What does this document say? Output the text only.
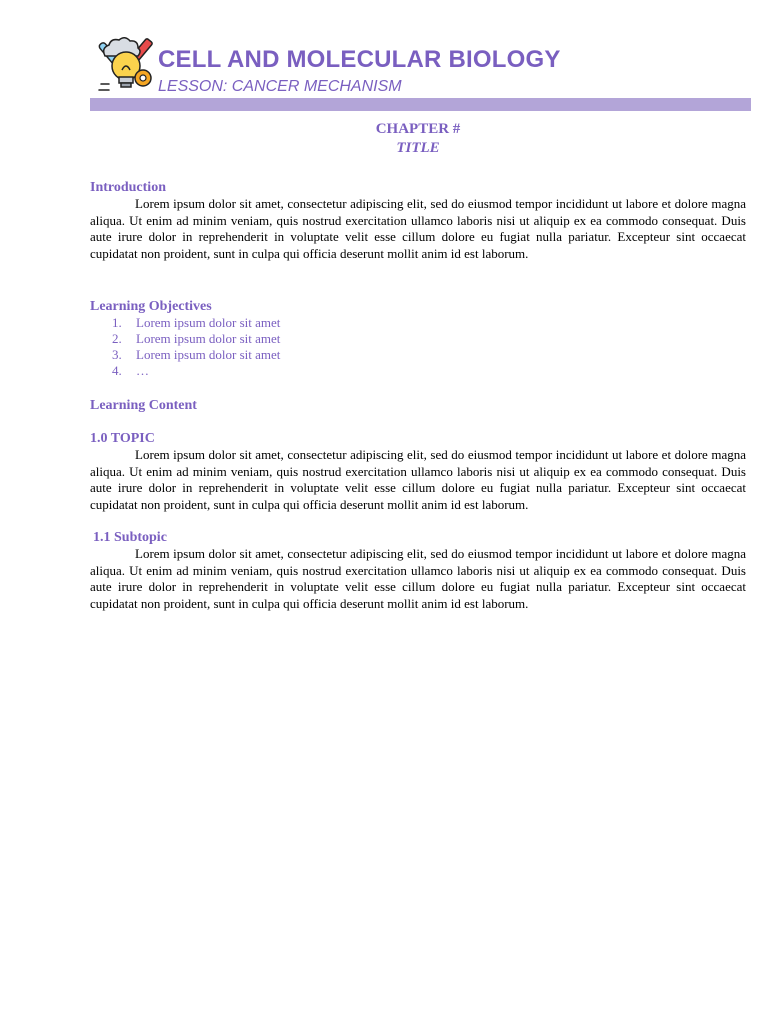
CELL AND MOLECULAR BIOLOGY
LESSON: CANCER MECHANISM
CHAPTER #
TITLE
Introduction

Lorem ipsum dolor sit amet, consectetur adipiscing elit, sed do eiusmod tempor incididunt ut labore et dolore magna aliqua. Ut enim ad minim veniam, quis nostrud exercitation ullamco laboris nisi ut aliquip ex ea commodo consequat. Duis aute irure dolor in reprehenderit in voluptate velit esse cillum dolore eu fugiat nulla pariatur. Excepteur sint occaecat cupidatat non proident, sunt in culpa qui officia deserunt mollit anim id est laborum.

Learning Objectives
1. Lorem ipsum dolor sit amet
2. Lorem ipsum dolor sit amet
3. Lorem ipsum dolor sit amet
4. …
Learning Content
1.0 TOPIC

Lorem ipsum dolor sit amet, consectetur adipiscing elit, sed do eiusmod tempor incididunt ut labore et dolore magna aliqua. Ut enim ad minim veniam, quis nostrud exercitation ullamco laboris nisi ut aliquip ex ea commodo consequat. Duis aute irure dolor in reprehenderit in voluptate velit esse cillum dolore eu fugiat nulla pariatur. Excepteur sint occaecat cupidatat non proident, sunt in culpa qui officia deserunt mollit anim id est laborum.

1.1 Subtopic

Lorem ipsum dolor sit amet, consectetur adipiscing elit, sed do eiusmod tempor incididunt ut labore et dolore magna aliqua. Ut enim ad minim veniam, quis nostrud exercitation ullamco laboris nisi ut aliquip ex ea commodo consequat. Duis aute irure dolor in reprehenderit in voluptate velit esse cillum dolore eu fugiat nulla pariatur. Excepteur sint occaecat cupidatat non proident, sunt in culpa qui officia deserunt mollit anim id est laborum.
